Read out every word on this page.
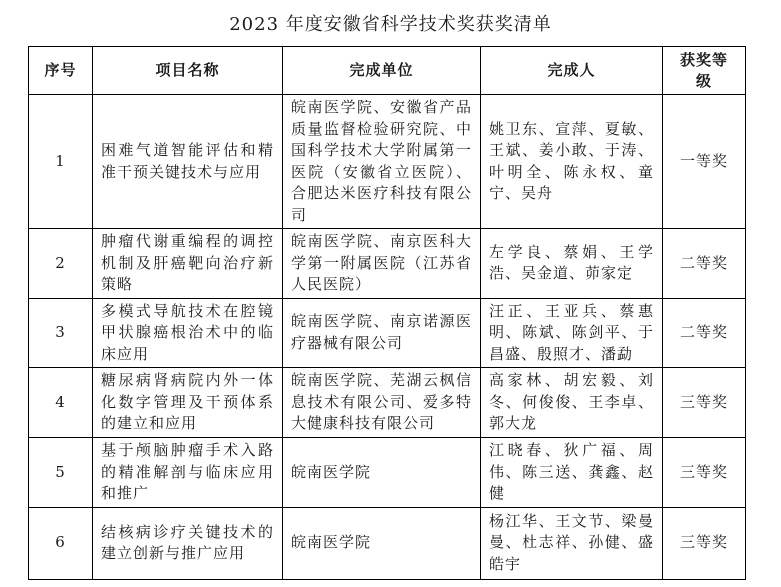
2023 年度安徽省科学技术奖获奖清单
序号	项目名称	完成单位	完成人	获奖等级
1	困难气道智能评估和精准干预关键技术与应用	皖南医学院、安徽省产品质量监督检验研究院、中国科学技术大学附属第一医院（安徽省立医院）、合肥达米医疗科技有限公司	姚卫东、宣萍、夏敏、王斌、姜小敢、于涛、叶明全、陈永权、童宁、吴舟	一等奖
2	肿瘤代谢重编程的调控机制及肝癌靶向治疗新策略	皖南医学院、南京医科大学第一附属医院（江苏省人民医院）	左学良、蔡娟、王学浩、吴金道、茆家定	二等奖
3	多模式导航技术在腔镜甲状腺癌根治术中的临床应用	皖南医学院、南京诺源医疗器械有限公司	汪正、王亚兵、蔡惠明、陈斌、陈剑平、于昌盛、殷照才、潘勐	二等奖
4	糖尿病肾病院内外一体化数字管理及干预体系的建立和应用	皖南医学院、芜湖云枫信息技术有限公司、爱多特大健康科技有限公司	高家林、胡宏毅、刘冬、何俊俊、王李卓、郭大龙	三等奖
5	基于颅脑肿瘤手术入路的精准解剖与临床应用和推广	皖南医学院	江晓春、狄广福、周伟、陈三送、龚鑫、赵健	三等奖
6	结核病诊疗关键技术的建立创新与推广应用	皖南医学院	杨江华、王文节、梁曼曼、杜志祥、孙健、盛皓宇	三等奖
